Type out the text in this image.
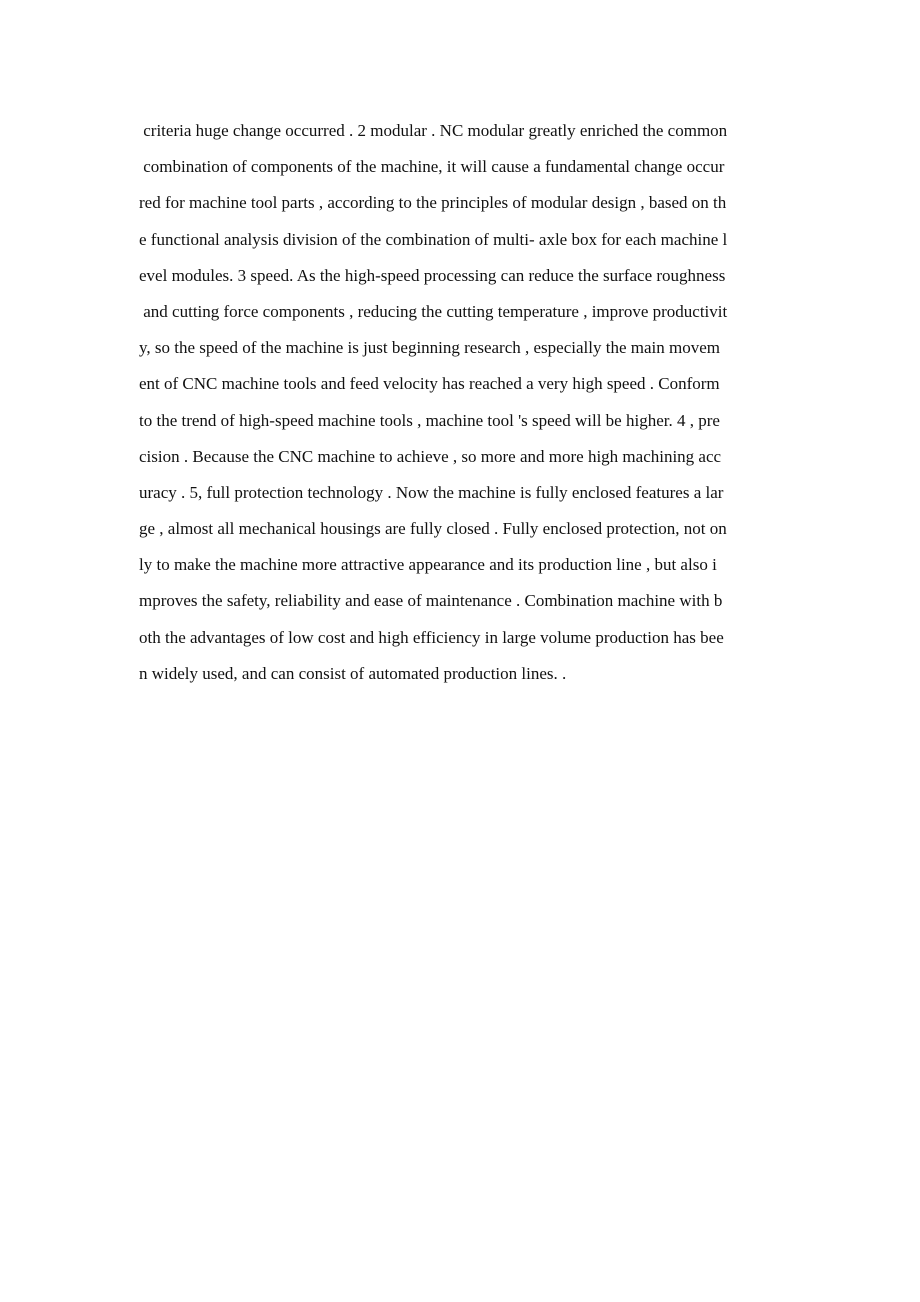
criteria huge change occurred . 2 modular . NC modular greatly enriched the common
combination of components of the machine, it will cause a fundamental change occur
red for machine tool parts , according to the principles of modular design , based on th
e functional analysis division of the combination of multi- axle box for each machine l
evel modules. 3 speed. As the high-speed processing can reduce the surface roughness
and cutting force components , reducing the cutting temperature , improve productivit
y, so the speed of the machine is just beginning research , especially the main movem
ent of CNC machine tools and feed velocity has reached a very high speed . Conform
to the trend of high-speed machine tools , machine tool 's speed will be higher. 4 , pre
cision . Because the CNC machine to achieve , so more and more high machining acc
uracy . 5, full protection technology . Now the machine is fully enclosed features a lar
ge , almost all mechanical housings are fully closed . Fully enclosed protection, not on
ly to make the machine more attractive appearance and its production line , but also i
mproves the safety, reliability and ease of maintenance . Combination machine with b
oth the advantages of low cost and high efficiency in large volume production has bee
n widely used, and can consist of automated production lines. .
